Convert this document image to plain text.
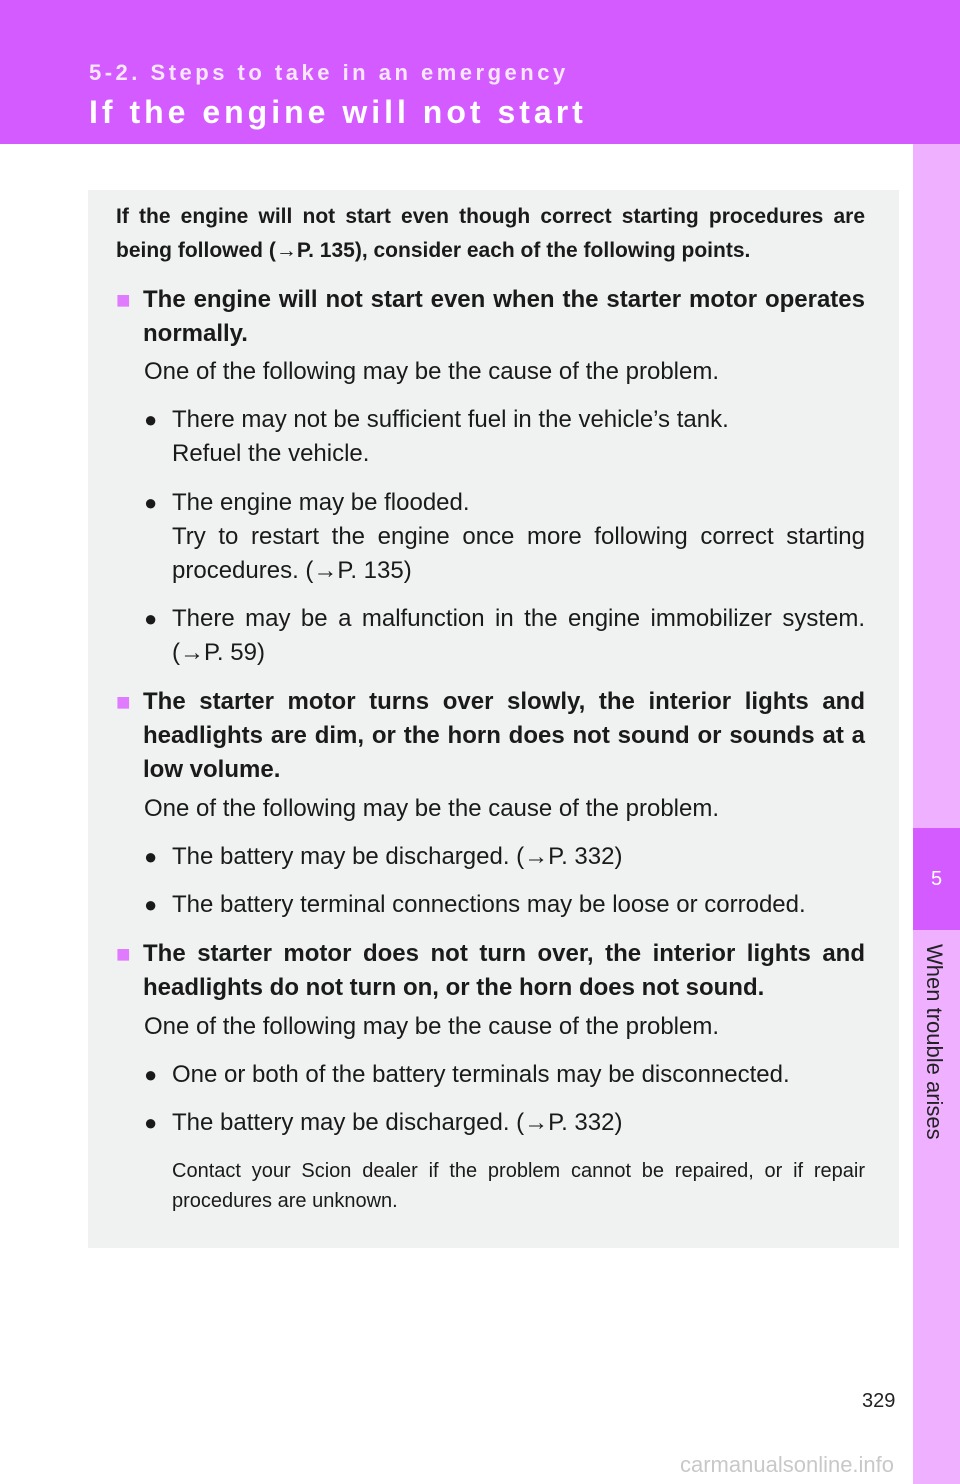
5-2. Steps to take in an emergency

If the engine will not start
5
When trouble arises

If the engine will not start even though correct starting procedures are being followed (→P. 135), consider each of the following points.

■ The engine will not start even when the starter motor operates normally.

One of the following may be the cause of the problem.

● There may not be sufficient fuel in the vehicle’s tank.
Refuel the vehicle.
● The engine may be flooded.
Try to restart the engine once more following correct starting procedures. (→P. 135)
● There may be a malfunction in the engine immobilizer system. (→P. 59)
■ The starter motor turns over slowly, the interior lights and headlights are dim, or the horn does not sound or sounds at a low volume.

One of the following may be the cause of the problem.

● The battery may be discharged. (→P. 332)
● The battery terminal connections may be loose or corroded.
■ The starter motor does not turn over, the interior lights and headlights do not turn on, or the horn does not sound.

One of the following may be the cause of the problem.

● One or both of the battery terminals may be disconnected.
● The battery may be discharged. (→P. 332)

Contact your Scion dealer if the problem cannot be repaired, or if repair procedures are unknown.

329
carmanualsonline.info
